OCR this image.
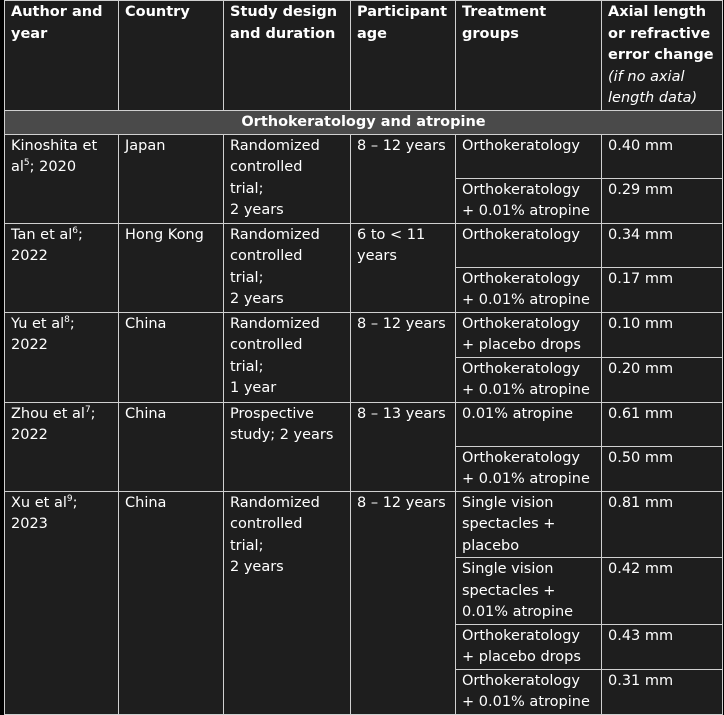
Author and year	Country	Study design and duration	Participant age	Treatment groups	Axial length or refractive error change
(if no axial length data)

Orthokeratology and atropine					
Kinoshita et $al^5$; 2020	Japan	Randomized
controlled
trial;
2 years	8 – 12 years	Orthokeratology	0.40 mm
				Orthokeratology
+ 0.01% atropine	0.29 mm
Tan et $al^6$;
2022	Hong Kong	Randomized
controlled
trial;
2 years	6 to < 11
years	Orthokeratology	0.34 mm
				Orthokeratology
+ 0.01% atropine	0.17 mm
Yu et $al^8$;
2022	China	Randomized
controlled
trial;
1 year	8 – 12 years	Orthokeratology
+ placebo drops	0.10 mm
				Orthokeratology
+ 0.01% atropine	0.20 mm
Zhou et $al^7$;
2022	China	Prospective
study; 2 years	8 – 13 years	0.01% atropine	0.61 mm
				Orthokeratology
+ 0.01% atropine	0.50 mm
Xu et $al^9$;
2023	China	Randomized
controlled
trial;
2 years	8 – 12 years	Single vision
spectacles +
placebo	0.81 mm
				Single vision
spectacles +
0.01% atropine	0.42 mm
				Orthokeratology
+ placebo drops	0.43 mm
				Orthokeratology
+ 0.01% atropine	0.31 mm
